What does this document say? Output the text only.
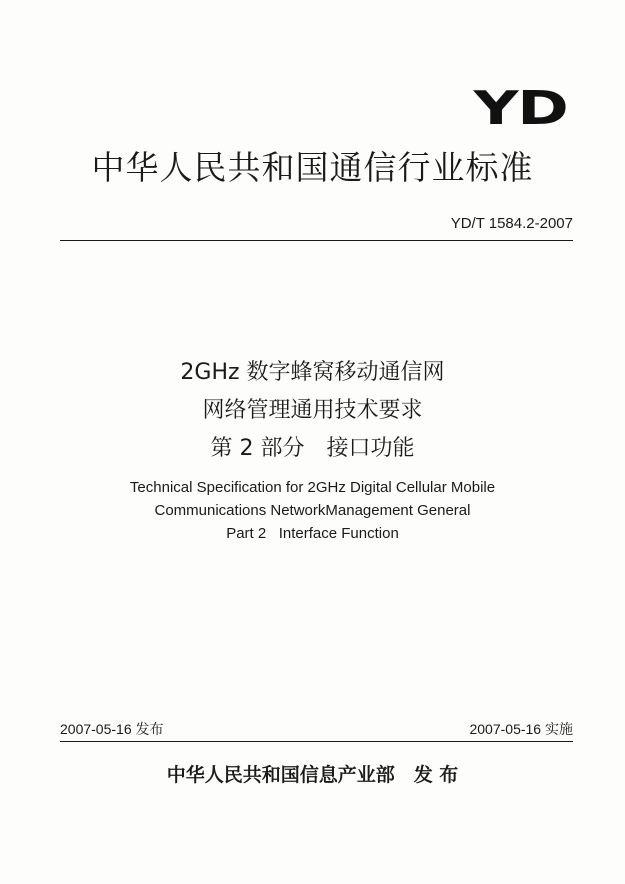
YD
中华人民共和国通信行业标准
YD/T 1584.2-2007
2GHz 数字蜂窝移动通信网
网络管理通用技术要求
第 2 部分　接口功能
Technical Specification for 2GHz Digital Cellular Mobile
Communications NetworkManagement General
Part 2   Interface Function
2007-05-16 发布	2007-05-16 实施
中华人民共和国信息产业部　发 布
